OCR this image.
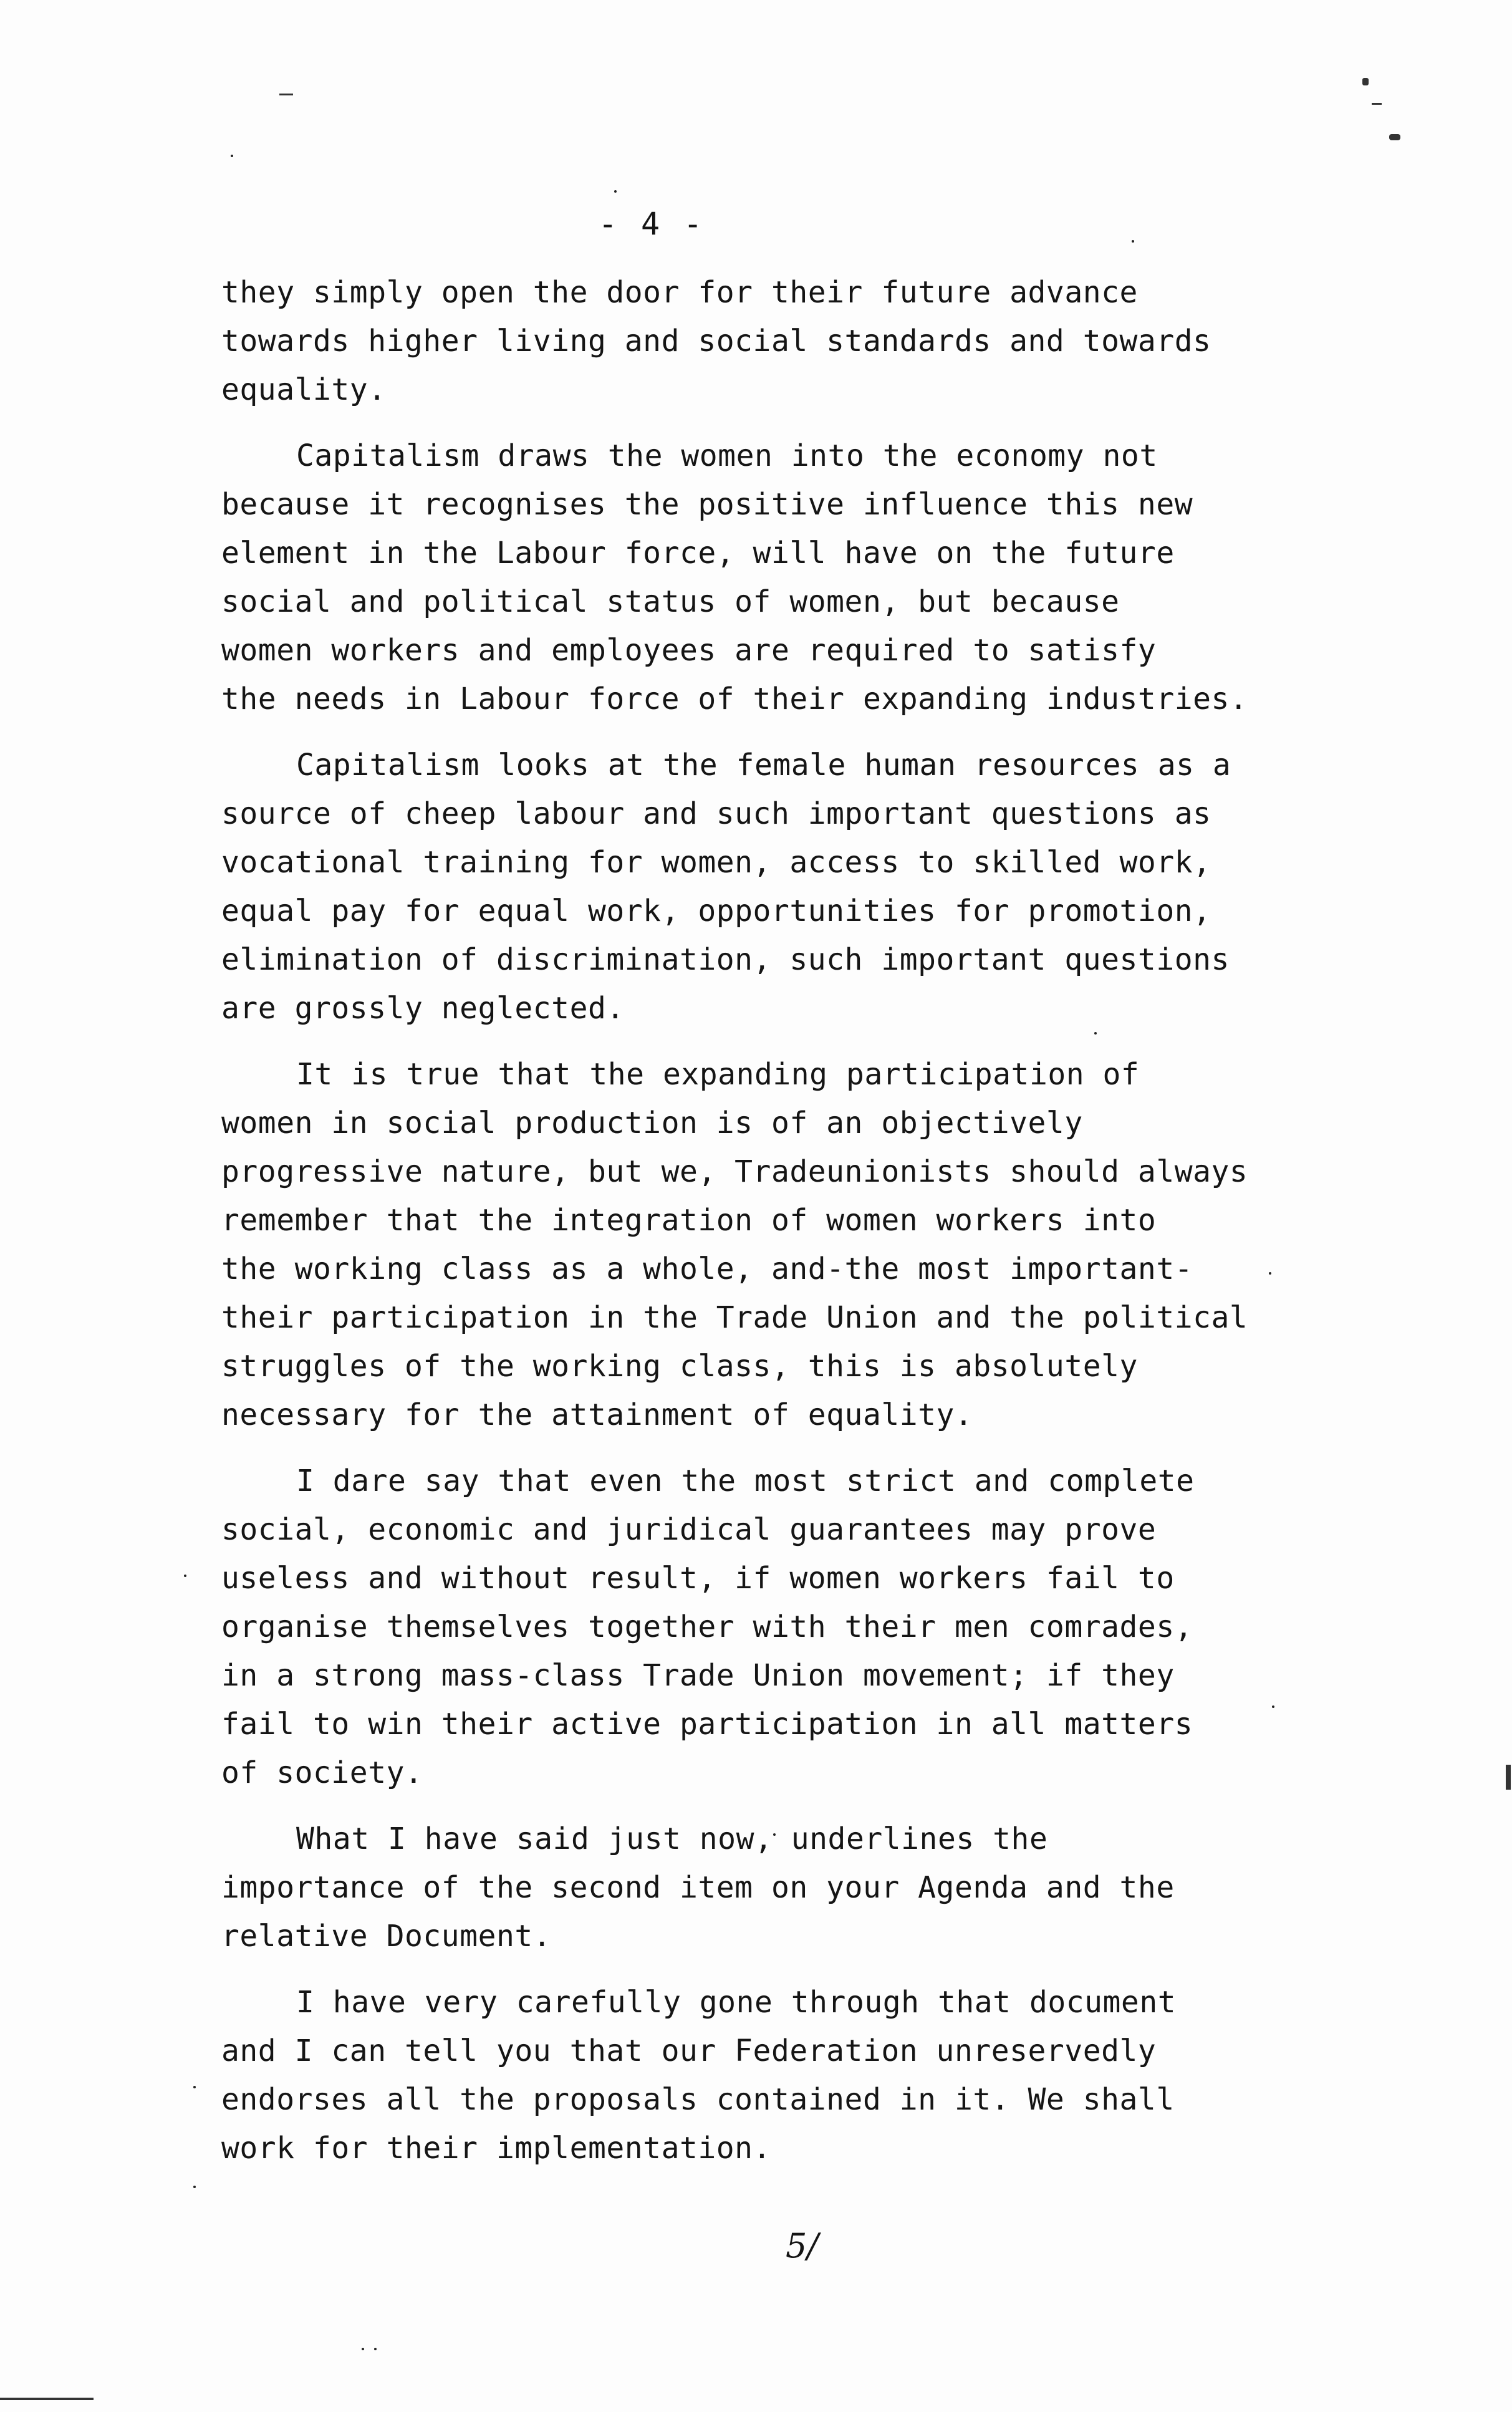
- 4 -
they simply open the door for their future advance
towards higher living and social standards and towards
equality.
Capitalism draws the women into the economy not
because it recognises the positive influence this new
element in the Labour force, will have on the future
social and political status of women, but because
women workers and employees are required to satisfy
the needs in Labour force of their expanding industries.
Capitalism looks at the female human resources as a
source of cheep labour and such important questions as
vocational training for women, access to skilled work,
equal pay for equal work, opportunities for promotion,
elimination of discrimination, such important questions
are grossly neglected.
It is true that the expanding participation of
women in social production is of an objectively
progressive nature, but we, Tradeunionists should always
remember that the integration of women workers into
the working class as a whole, and-the most important-
their participation in the Trade Union and the political
struggles of the working class, this is absolutely
necessary for the attainment of equality.
I dare say that even the most strict and complete
social, economic and juridical guarantees may prove
useless and without result, if women workers fail to
organise themselves together with their men comrades,
in a strong mass-class Trade Union movement; if they
fail to win their active participation in all matters
of society.
What I have said just now, underlines the
importance of the second item on your Agenda and the
relative Document.
I have very carefully gone through that document
and I can tell you that our Federation unreservedly
endorses all the proposals contained in it. We shall
work for their implementation.
5/
